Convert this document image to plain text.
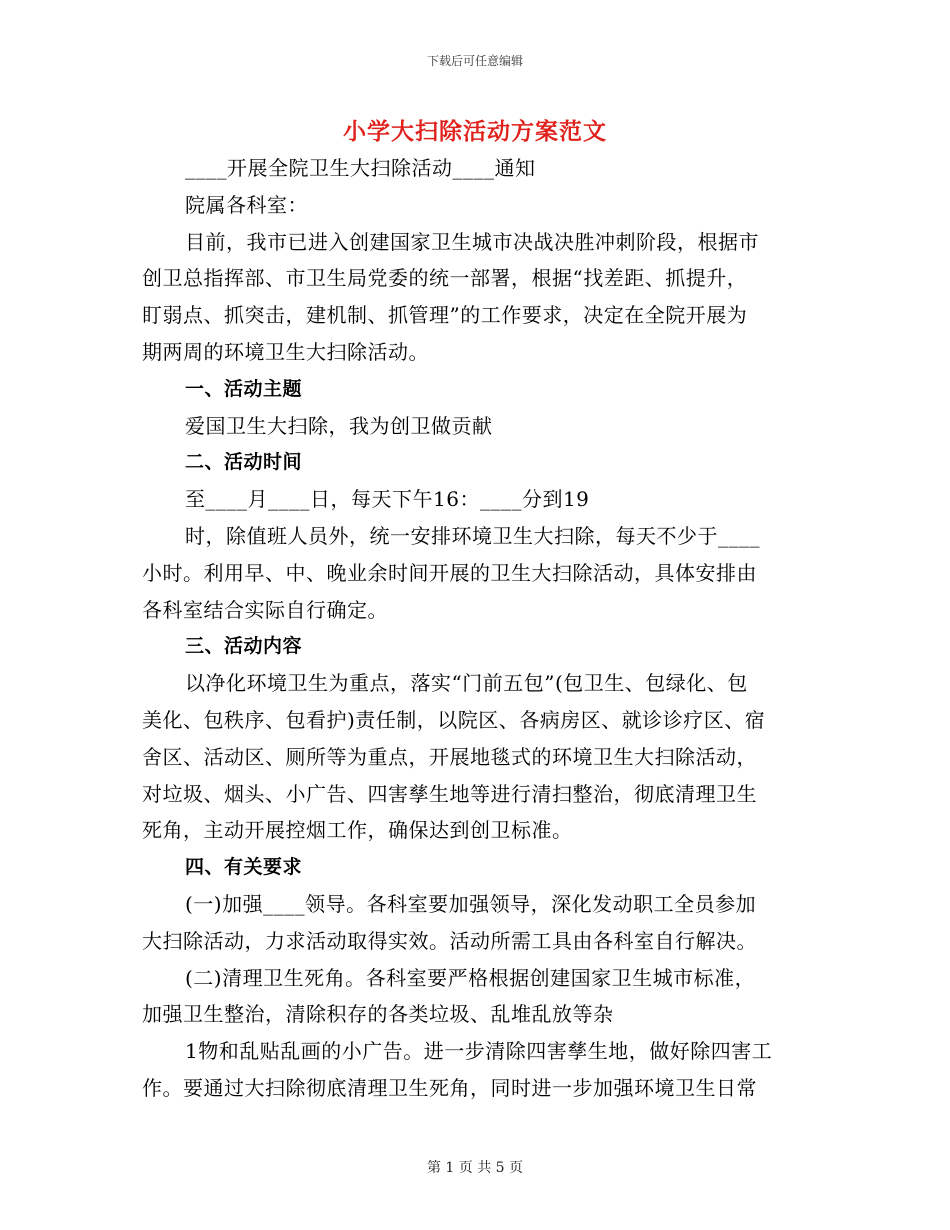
下载后可任意编辑
小学大扫除活动方案范文
____开展全院卫生大扫除活动____通知
院属各科室：
目前，我市已进入创建国家卫生城市决战决胜冲刺阶段，根据市
创卫总指挥部、市卫生局党委的统一部署，根据“找差距、抓提升，
盯弱点、抓突击，建机制、抓管理”的工作要求，决定在全院开展为
期两周的环境卫生大扫除活动。
一、活动主题
爱国卫生大扫除，我为创卫做贡献
二、活动时间
至____月____日，每天下午16：____分到19
时，除值班人员外，统一安排环境卫生大扫除，每天不少于____
小时。利用早、中、晚业余时间开展的卫生大扫除活动，具体安排由
各科室结合实际自行确定。
三、活动内容
以净化环境卫生为重点，落实“门前五包”(包卫生、包绿化、包
美化、包秩序、包看护)责任制，以院区、各病房区、就诊诊疗区、宿
舍区、活动区、厕所等为重点，开展地毯式的环境卫生大扫除活动，
对垃圾、烟头、小广告、四害孳生地等进行清扫整治，彻底清理卫生
死角，主动开展控烟工作，确保达到创卫标准。
四、有关要求
(一)加强____领导。各科室要加强领导，深化发动职工全员参加
大扫除活动，力求活动取得实效。活动所需工具由各科室自行解决。
(二)清理卫生死角。各科室要严格根据创建国家卫生城市标准，
加强卫生整治，清除积存的各类垃圾、乱堆乱放等杂
1物和乱贴乱画的小广告。进一步清除四害孳生地，做好除四害工
作。要通过大扫除彻底清理卫生死角，同时进一步加强环境卫生日常
第 1 页 共 5 页
